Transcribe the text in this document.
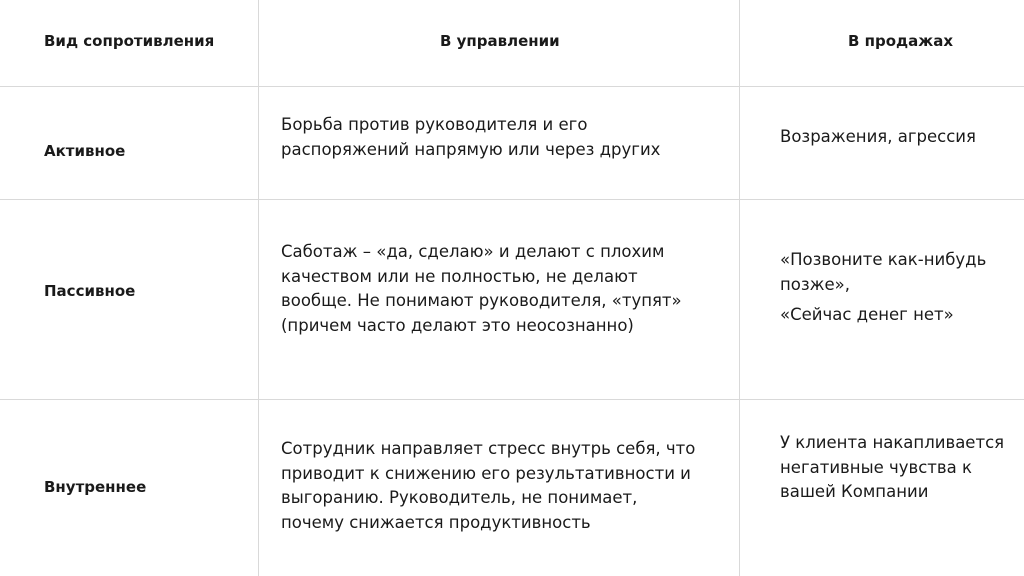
Вид сопротивления	В управлении	В продажах
Активное

Борьба против руководителя и его
распоряжений напрямую или через других

Возражения, агрессия

Пассивное

Саботаж – «да, сделаю» и делают с плохим
качеством или не полностью, не делают
вообще. Не понимают руководителя, «тупят»
(причем часто делают это неосознанно)

«Позвоните как-нибудь
позже»,

«Сейчас денег нет»

Внутреннее

Сотрудник направляет стресс внутрь себя, что
приводит к снижению его результативности и
выгоранию. Руководитель, не понимает,
почему снижается продуктивность

У клиента накапливается
негативные чувства к
вашей Компании
